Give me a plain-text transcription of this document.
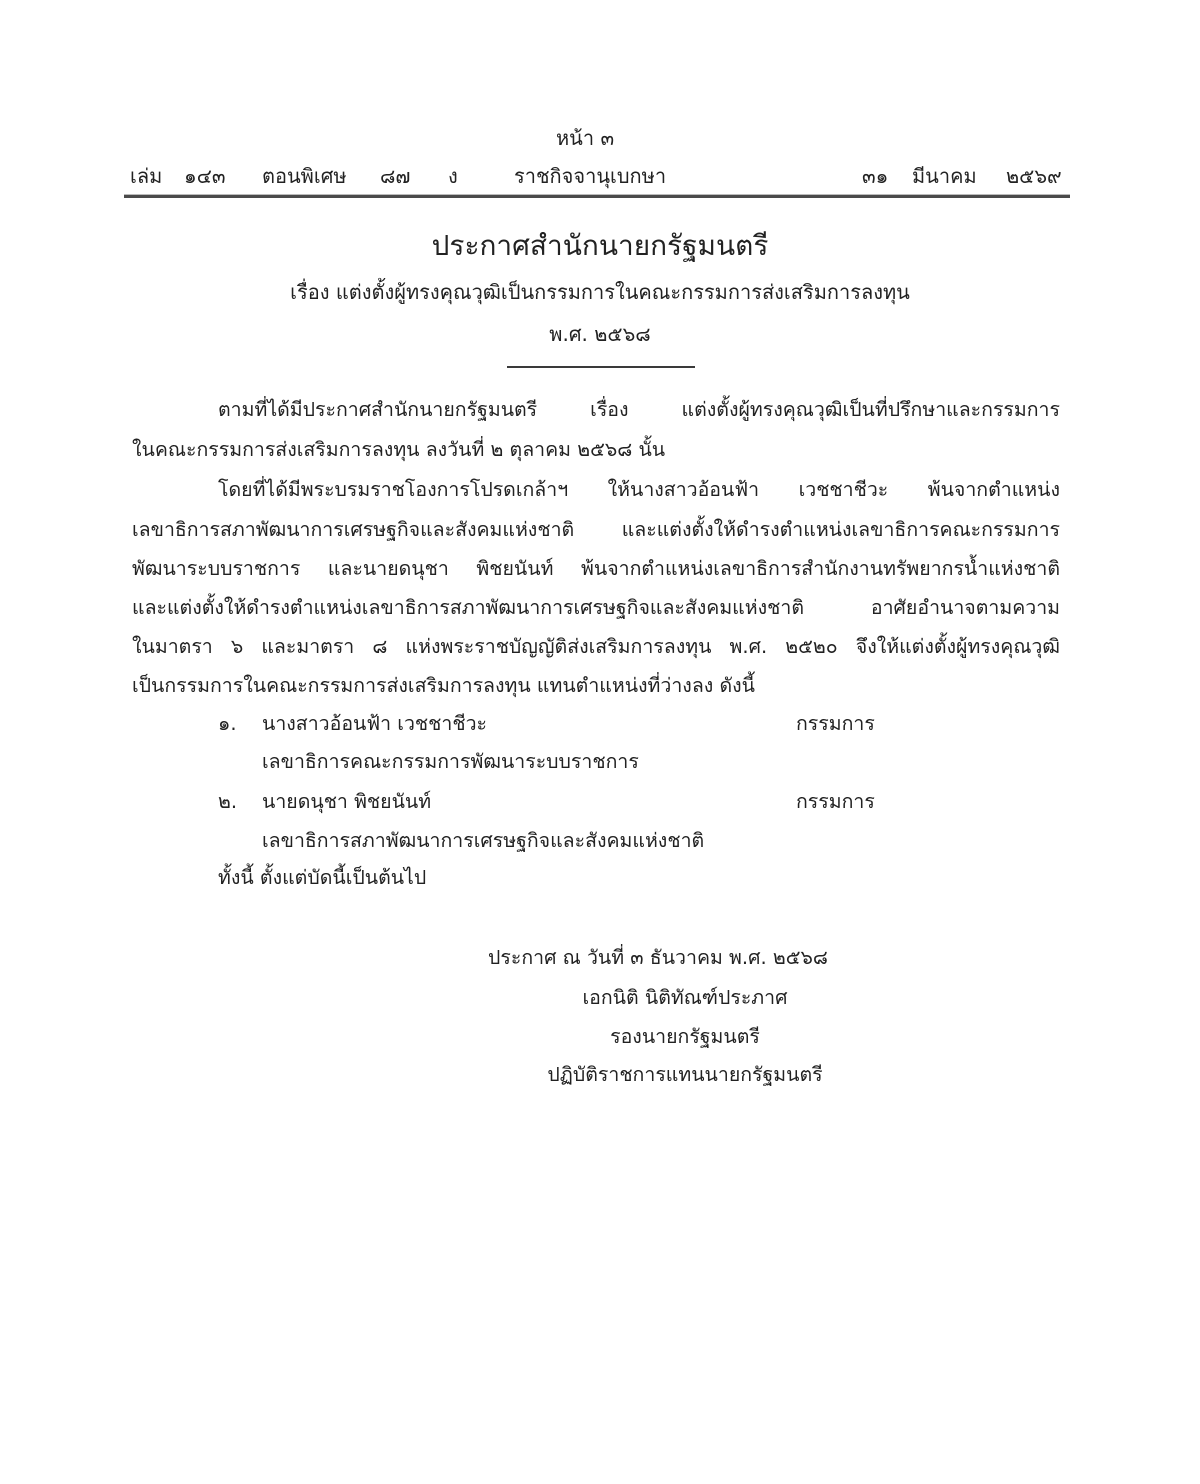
หน้า ๓
เล่ม ๑๔๓ ตอนพิเศษ ๘๗ ง	ราชกิจจานุเบกษา	๓๑ มีนาคม ๒๕๖๙
ประกาศสำนักนายกรัฐมนตรี
เรื่อง แต่งตั้งผู้ทรงคุณวุฒิเป็นกรรมการในคณะกรรมการส่งเสริมการลงทุน
พ.ศ. ๒๕๖๘
ตามที่ได้มีประกาศสำนักนายกรัฐมนตรี เรื่อง แต่งตั้งผู้ทรงคุณวุฒิเป็นที่ปรึกษาและกรรมการ
ในคณะกรรมการส่งเสริมการลงทุน ลงวันที่ ๒ ตุลาคม ๒๕๖๘ นั้น
โดยที่ได้มีพระบรมราชโองการโปรดเกล้าฯ ให้นางสาวอ้อนฟ้า เวชชาชีวะ พ้นจากตำแหน่ง
เลขาธิการสภาพัฒนาการเศรษฐกิจและสังคมแห่งชาติ และแต่งตั้งให้ดำรงตำแหน่งเลขาธิการคณะกรรมการ
พัฒนาระบบราชการ และนายดนุชา พิชยนันท์ พ้นจากตำแหน่งเลขาธิการสำนักงานทรัพยากรน้ำแห่งชาติ
และแต่งตั้งให้ดำรงตำแหน่งเลขาธิการสภาพัฒนาการเศรษฐกิจและสังคมแห่งชาติ อาศัยอำนาจตามความ
ในมาตรา ๖ และมาตรา ๘ แห่งพระราชบัญญัติส่งเสริมการลงทุน พ.ศ. ๒๕๒๐ จึงให้แต่งตั้งผู้ทรงคุณวุฒิ
เป็นกรรมการในคณะกรรมการส่งเสริมการลงทุน แทนตำแหน่งที่ว่างลง ดังนี้
๑. นางสาวอ้อนฟ้า เวชชาชีวะ	กรรมการ
เลขาธิการคณะกรรมการพัฒนาระบบราชการ
๒. นายดนุชา พิชยนันท์	กรรมการ
เลขาธิการสภาพัฒนาการเศรษฐกิจและสังคมแห่งชาติ
ทั้งนี้ ตั้งแต่บัดนี้เป็นต้นไป
ประกาศ ณ วันที่ ๓ ธันวาคม พ.ศ. ๒๕๖๘
เอกนิติ นิติทัณฑ์ประภาศ
รองนายกรัฐมนตรี
ปฏิบัติราชการแทนนายกรัฐมนตรี
